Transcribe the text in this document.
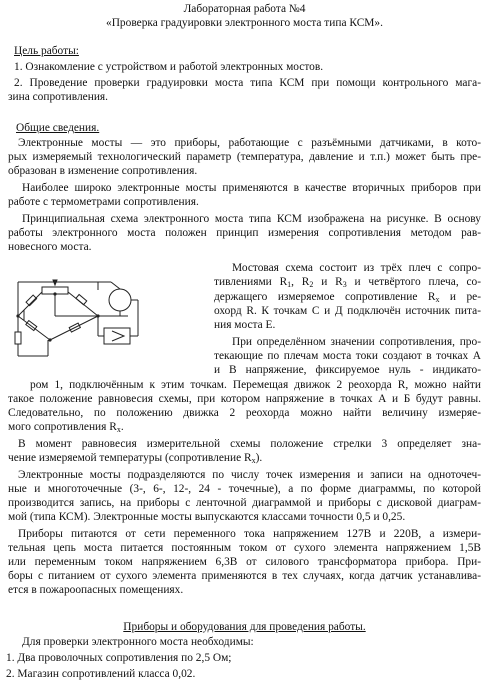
Лабораторная работа №4
«Проверка градуировки электронного моста типа КСМ».
Цель работы:
1. Ознакомление с устройством и работой электронных мостов.
2. Проведение проверки градуировки моста типа КСМ при помощи контрольного мага-
зина сопротивления.
Общие сведения.
Электронные мосты — это приборы, работающие с разъёмными датчиками, в кото-
рых измеряемый технологический параметр (температура, давление и т.п.) может быть пре-
образован в изменение сопротивления.
Наиболее широко электронные мосты применяются в качестве вторичных приборов при
работе с термометрами сопротивления.
Принципиальная схема электронного моста типа КСМ изображена на рисунке. В основу
работы электронного моста положен принцип измерения сопротивления методом рав-
новесного моста.
Мостовая схема состоит из трёх плеч с сопро-
тивлениями $R_1$, $R_2$ и $R_3$ и четвёртого плеча, со-
держащего измеряемое сопротивление $R_x$ и ре-
охорд R. К точкам С и Д подключён источник пита-
ния моста Е.
При определённом значении сопротивления, про-
текающие по плечам моста токи создают в точках А
и В напряжение, фиксируемое нуль - индикато-
ром 1, подключённым к этим точкам. Перемещая движок 2 реохорда R, можно найти
такое положение равновесия схемы, при котором напряжение в точках А и Б будут равны.
Следовательно, по положению движка 2 реохорда можно найти величину измеряе-
мого сопротивления $R_x$.
В момент равновесия измерительной схемы положение стрелки 3 определяет зна-
чение измеряемой температуры (сопротивление $R_x$).
Электронные мосты подразделяются по числу точек измерения и записи на одноточеч-
ные и многоточечные (3-, 6-, 12-, 24 - точечные), а по форме диаграммы, по которой
производится запись, на приборы с ленточной диаграммой и приборы с дисковой диаграм-
мой (типа КСМ). Электронные мосты выпускаются классами точности 0,5 и 0,25.
Приборы питаются от сети переменного тока напряжением 127В и 220В, а измери-
тельная цепь моста питается постоянным током от сухого элемента напряжением 1,5В
или переменным током напряжением 6,3В от силового трансформатора прибора. При-
боры с питанием от сухого элемента применяются в тех случаях, когда датчик устанавлива-
ется в пожароопасных помещениях.
Приборы и оборудования для проведения работы.
Для проверки электронного моста необходимы:
1. Два проволочных сопротивления по 2,5 Ом;
2. Магазин сопротивлений класса 0,02.
